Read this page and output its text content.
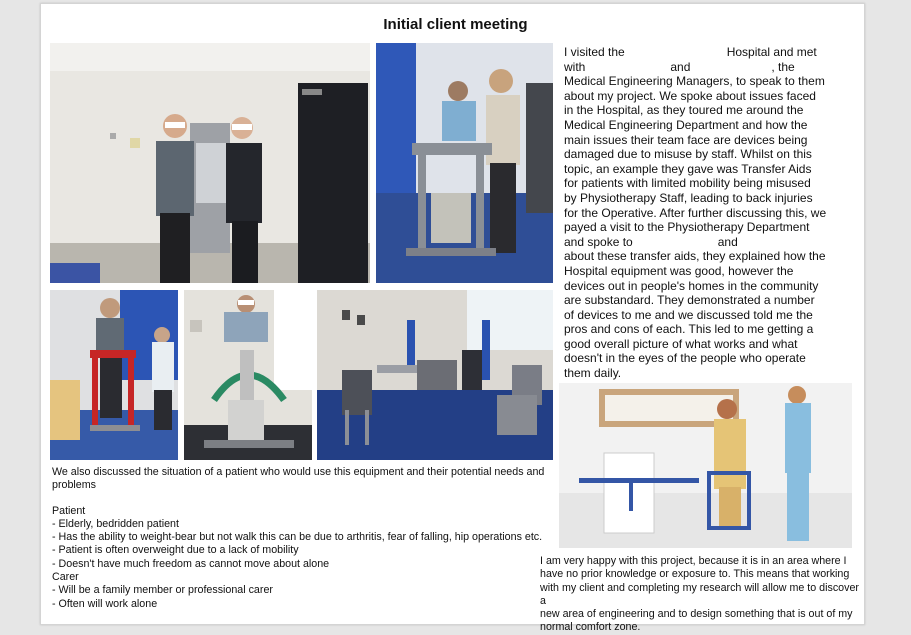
Initial client meeting

I visited the	Hospital and met

with	and	, the

Medical Engineering Managers, to speak to them

about my project. We spoke about issues faced

in the Hospital, as they toured me around the

Medical Engineering Department and how the

main issues their team face are devices being

damaged due to misuse by staff. Whilst on this

topic, an example they gave was Transfer Aids

for patients with limited mobility being misused

by Physiotherapy Staff, leading to back injuries

for the Operative. After further discussing this, we

payed a visit to the Physiotherapy Department

and spoke to	and

about these transfer aids, they explained how the

Hospital equipment was good, however the

devices out in people's homes in the community

are substandard. They demonstrated a number

of devices to me and we discussed told me the

pros and cons of each. This led to me getting a

good overall picture of what works and what

doesn't in the eyes of the people who operate

them daily.

We also discussed the situation of a patient who would use this equipment and their potential needs and

problems

Patient

- Elderly, bedridden patient

- Has the ability to weight-bear but not walk this can be due to arthritis, fear of falling, hip operations etc.

- Patient is often overweight due to a lack of mobility

- Doesn't have much freedom as cannot move about alone

Carer

- Will be a family member or professional carer

- Often will work alone

I am very happy with this project, because it is in an area where I

have no prior knowledge or exposure to. This means that working

with my client and completing my research will allow me to discover a

new area of engineering and to design something that is out of my

normal comfort zone.
